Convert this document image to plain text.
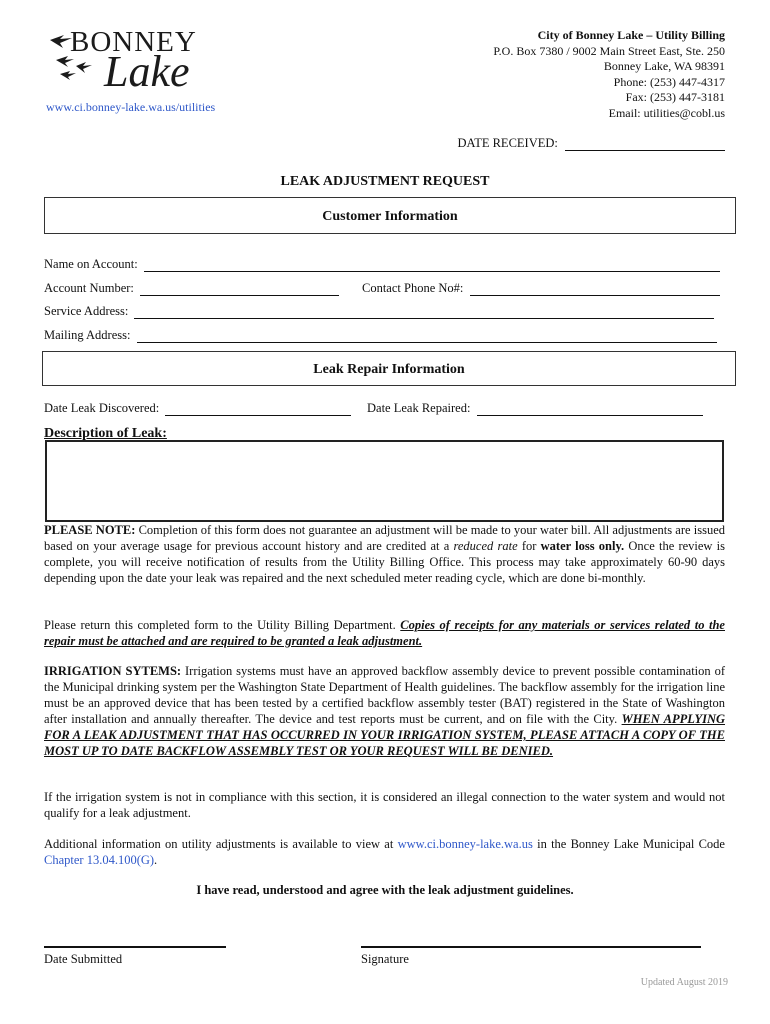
BONNEY
Lake
www.ci.bonney-lake.wa.us/utilities
City of Bonney Lake – Utility Billing
P.O. Box 7380 / 9002 Main Street East, Ste. 250
Bonney Lake, WA 98391
Phone: (253) 447-4317
Fax: (253) 447-3181
Email: utilities@cobl.us
DATE RECEIVED:
LEAK ADJUSTMENT REQUEST
Customer Information
Name on Account:
Account Number:	Contact Phone No#:
Service Address:
Mailing Address:
Leak Repair Information
Date Leak Discovered:	Date Leak Repaired:
Description of Leak:
PLEASE NOTE: Completion of this form does not guarantee an adjustment will be made to your water bill. All adjustments are issued based on your average usage for previous account history and are credited at a reduced rate for water loss only. Once the review is complete, you will receive notification of results from the Utility Billing Office. This process may take approximately 60-90 days depending upon the date your leak was repaired and the next scheduled meter reading cycle, which are done bi-monthly.
Please return this completed form to the Utility Billing Department. Copies of receipts for any materials or services related to the repair must be attached and are required to be granted a leak adjustment.
IRRIGATION SYTEMS: Irrigation systems must have an approved backflow assembly device to prevent possible contamination of the Municipal drinking system per the Washington State Department of Health guidelines. The backflow assembly for the irrigation line must be an approved device that has been tested by a certified backflow assembly tester (BAT) registered in the State of Washington after installation and annually thereafter. The device and test reports must be current, and on file with the City. WHEN APPLYING FOR A LEAK ADJUSTMENT THAT HAS OCCURRED IN YOUR IRRIGATION SYSTEM, PLEASE ATTACH A COPY OF THE MOST UP TO DATE BACKFLOW ASSEMBLY TEST OR YOUR REQUEST WILL BE DENIED.
If the irrigation system is not in compliance with this section, it is considered an illegal connection to the water system and would not qualify for a leak adjustment.
Additional information on utility adjustments is available to view at www.ci.bonney-lake.wa.us in the Bonney Lake Municipal Code Chapter 13.04.100(G).
I have read, understood and agree with the leak adjustment guidelines.
Date Submitted	Signature
Updated August 2019
